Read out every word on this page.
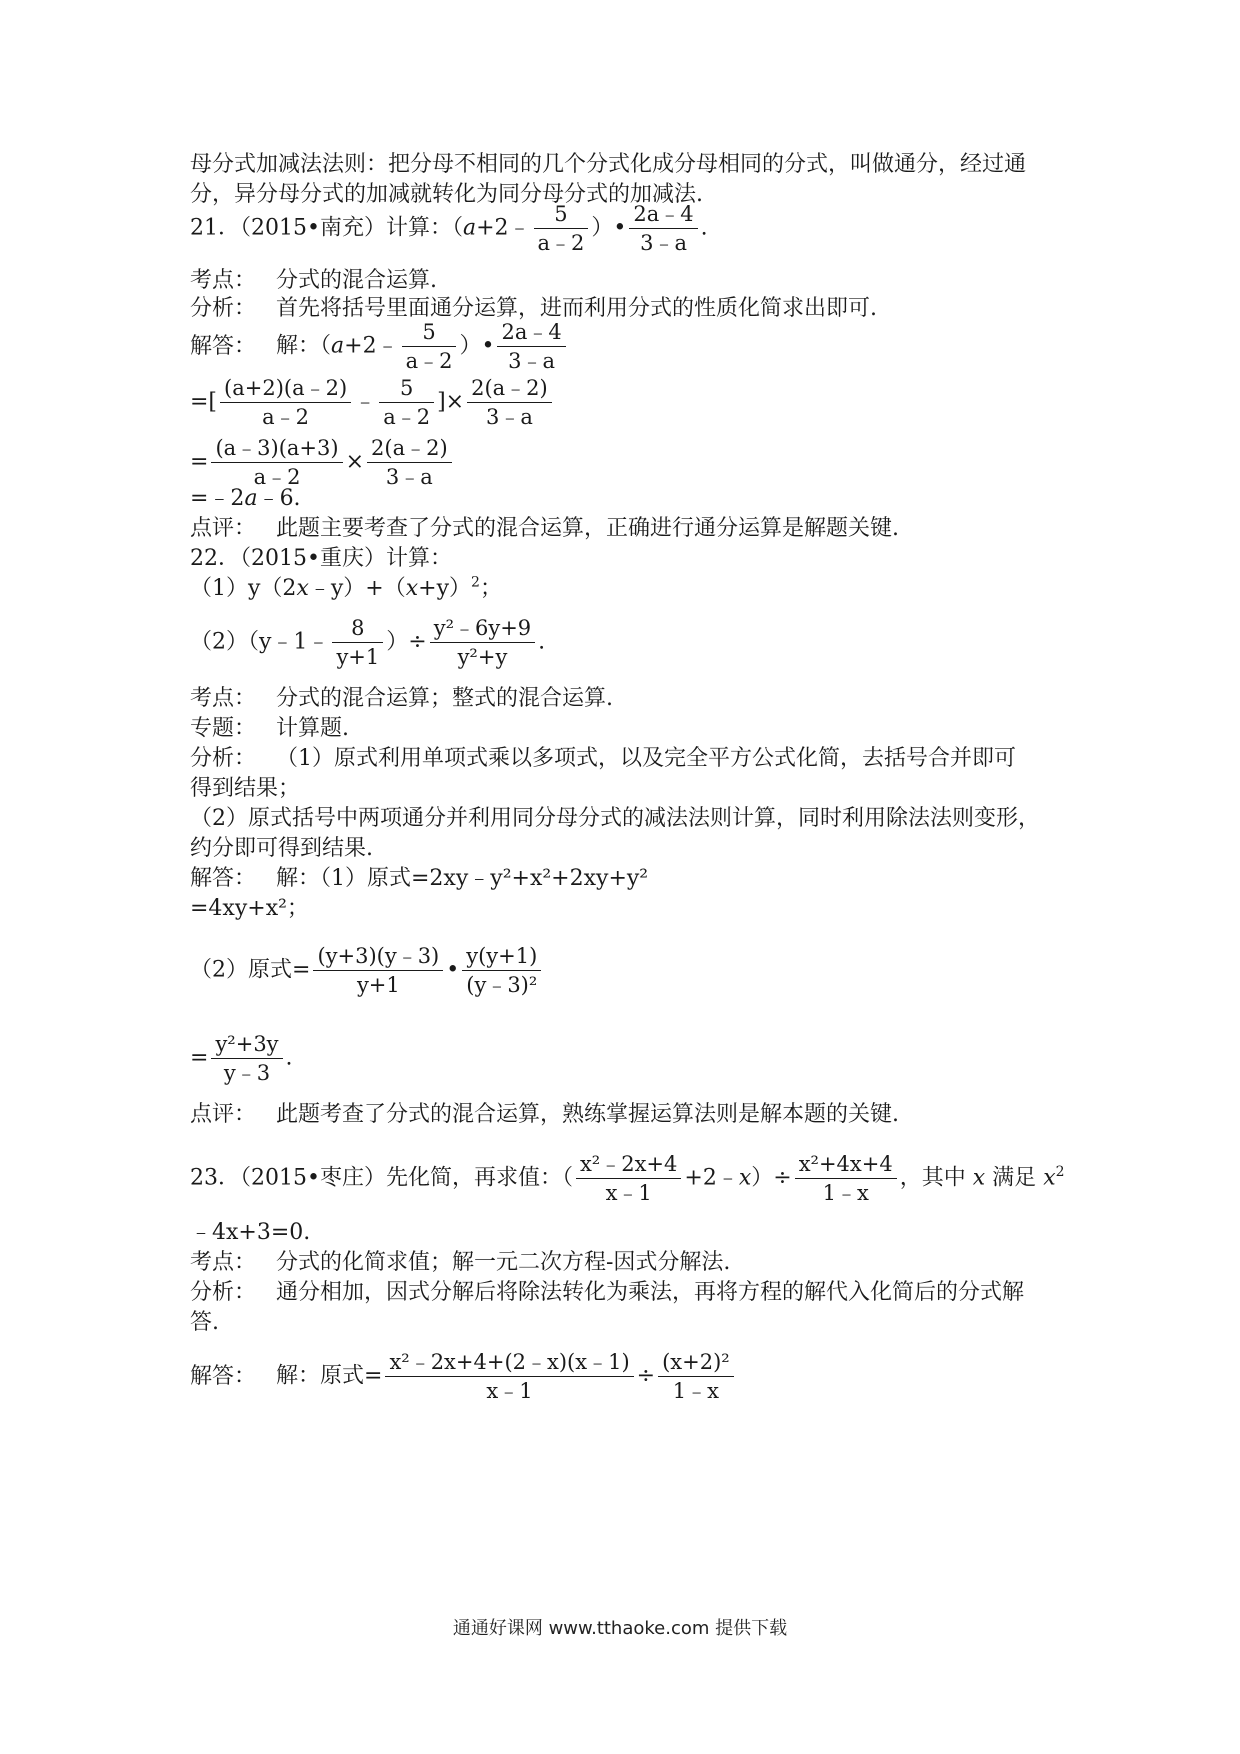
母分式加减法法则：把分母不相同的几个分式化成分母相同的分式，叫做通分，经过通
分，异分母分式的加减就转化为同分母分式的加减法.
21．（2015•南充）计算：（a+2﹣ $\frac{5}{a﹣2}$ ）• $\frac{2a﹣4}{3﹣a}$ .
考点： 分式的混合运算.
分析： 首先将括号里面通分运算，进而利用分式的性质化简求出即可.
解答： 解：（a+2﹣ $\frac{5}{a﹣2}$ ）• $\frac{2a﹣4}{3﹣a}$
=[ $\frac{(a+2)(a﹣2)}{a﹣2}$ ﹣ $\frac{5}{a﹣2}$ ]× $\frac{2(a﹣2)}{3﹣a}$
= $\frac{(a﹣3)(a+3)}{a﹣2} \times \frac{2(a﹣2)}{3﹣a}$
=﹣2a﹣6.
点评： 此题主要考查了分式的混合运算，正确进行通分运算是解题关键.
22．（2015•重庆）计算：
$(1)y(2x﹣y)+(x+y)^2$；
（2）（y﹣1﹣ $\frac{8}{y+1}$ ）÷ $\frac{\text{y²﹣6y+9}}{\text{y²+y}}$ .
考点： 分式的混合运算；整式的混合运算.
专题： 计算题.
分析： （1）原式利用单项式乘以多项式，以及完全平方公式化简，去括号合并即可
得到结果；
（2）原式括号中两项通分并利用同分母分式的减法法则计算，同时利用除法法则变形，
约分即可得到结果.
解答： 解：（1）原式=2xy﹣y²+x²+2xy+y²
=4xy+x²；
（2）原式= $\frac{(y+3)(y﹣3)}{y+1}$ • $\frac{y(y+1)}{\text{(y﹣3)²}}$
= $\frac{\text{y²+3y}}{y﹣3}$ .
点评： 此题考查了分式的混合运算，熟练掌握运算法则是解本题的关键.
23．（2015•枣庄）先化简，再求值：（ $\frac{\text{x²﹣2x+4}}{x﹣1}$ +2﹣x）÷ $\frac{\text{x²+4x+4}}{1﹣x}$ ，其中 x 满足 $x^2$
﹣4x+3=0.
考点： 分式的化简求值；解一元二次方程-因式分解法.
分析： 通分相加，因式分解后将除法转化为乘法，再将方程的解代入化简后的分式解
答.
解答： 解：原式= $\frac{\text{x²﹣2x+4+(2﹣x)(x﹣1)}}{x﹣1} \div \frac{\text{(x+2)²}}{1﹣x}$
通通好课网 www.tthaoke.com 提供下载
